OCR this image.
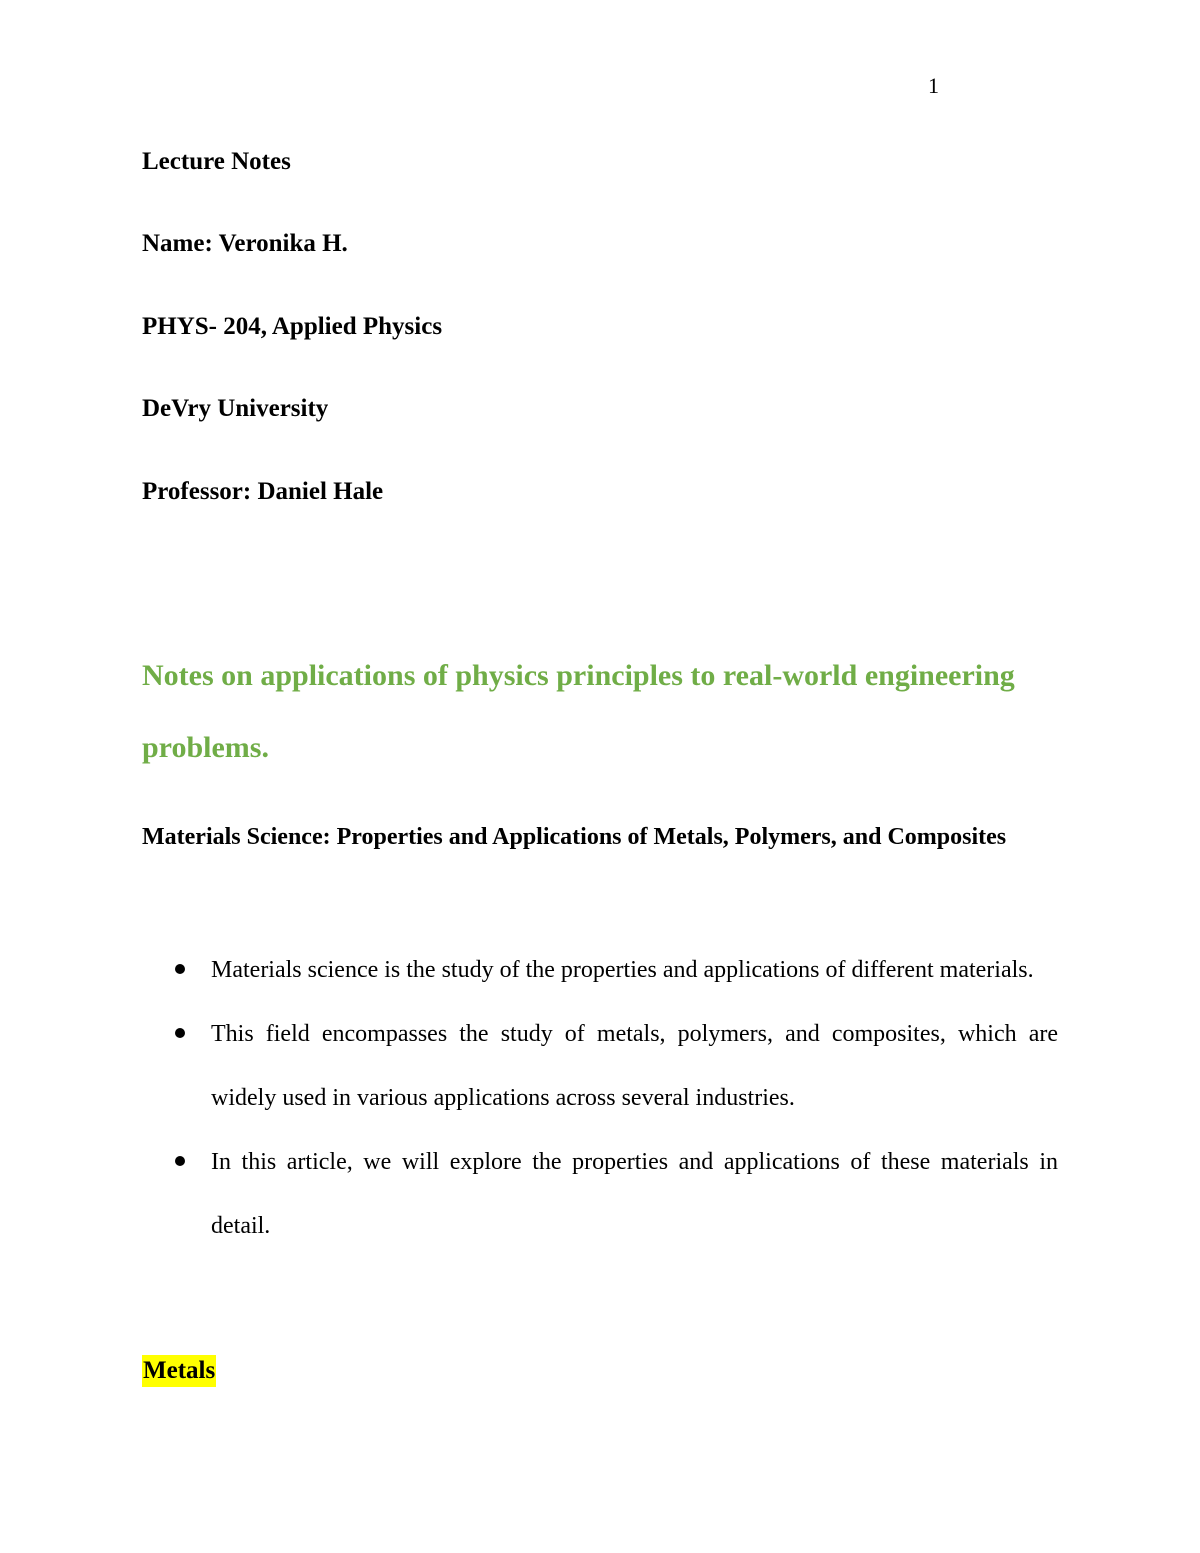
1
Lecture Notes
Name: Veronika H.
PHYS- 204, Applied Physics
DeVry University
Professor: Daniel Hale
Notes on applications of physics principles to real-world engineering problems.
Materials Science: Properties and Applications of Metals, Polymers, and Composites
Materials science is the study of the properties and applications of different materials.
This field encompasses the study of metals, polymers, and composites, which are widely used in various applications across several industries.
In this article, we will explore the properties and applications of these materials in detail.
Metals
